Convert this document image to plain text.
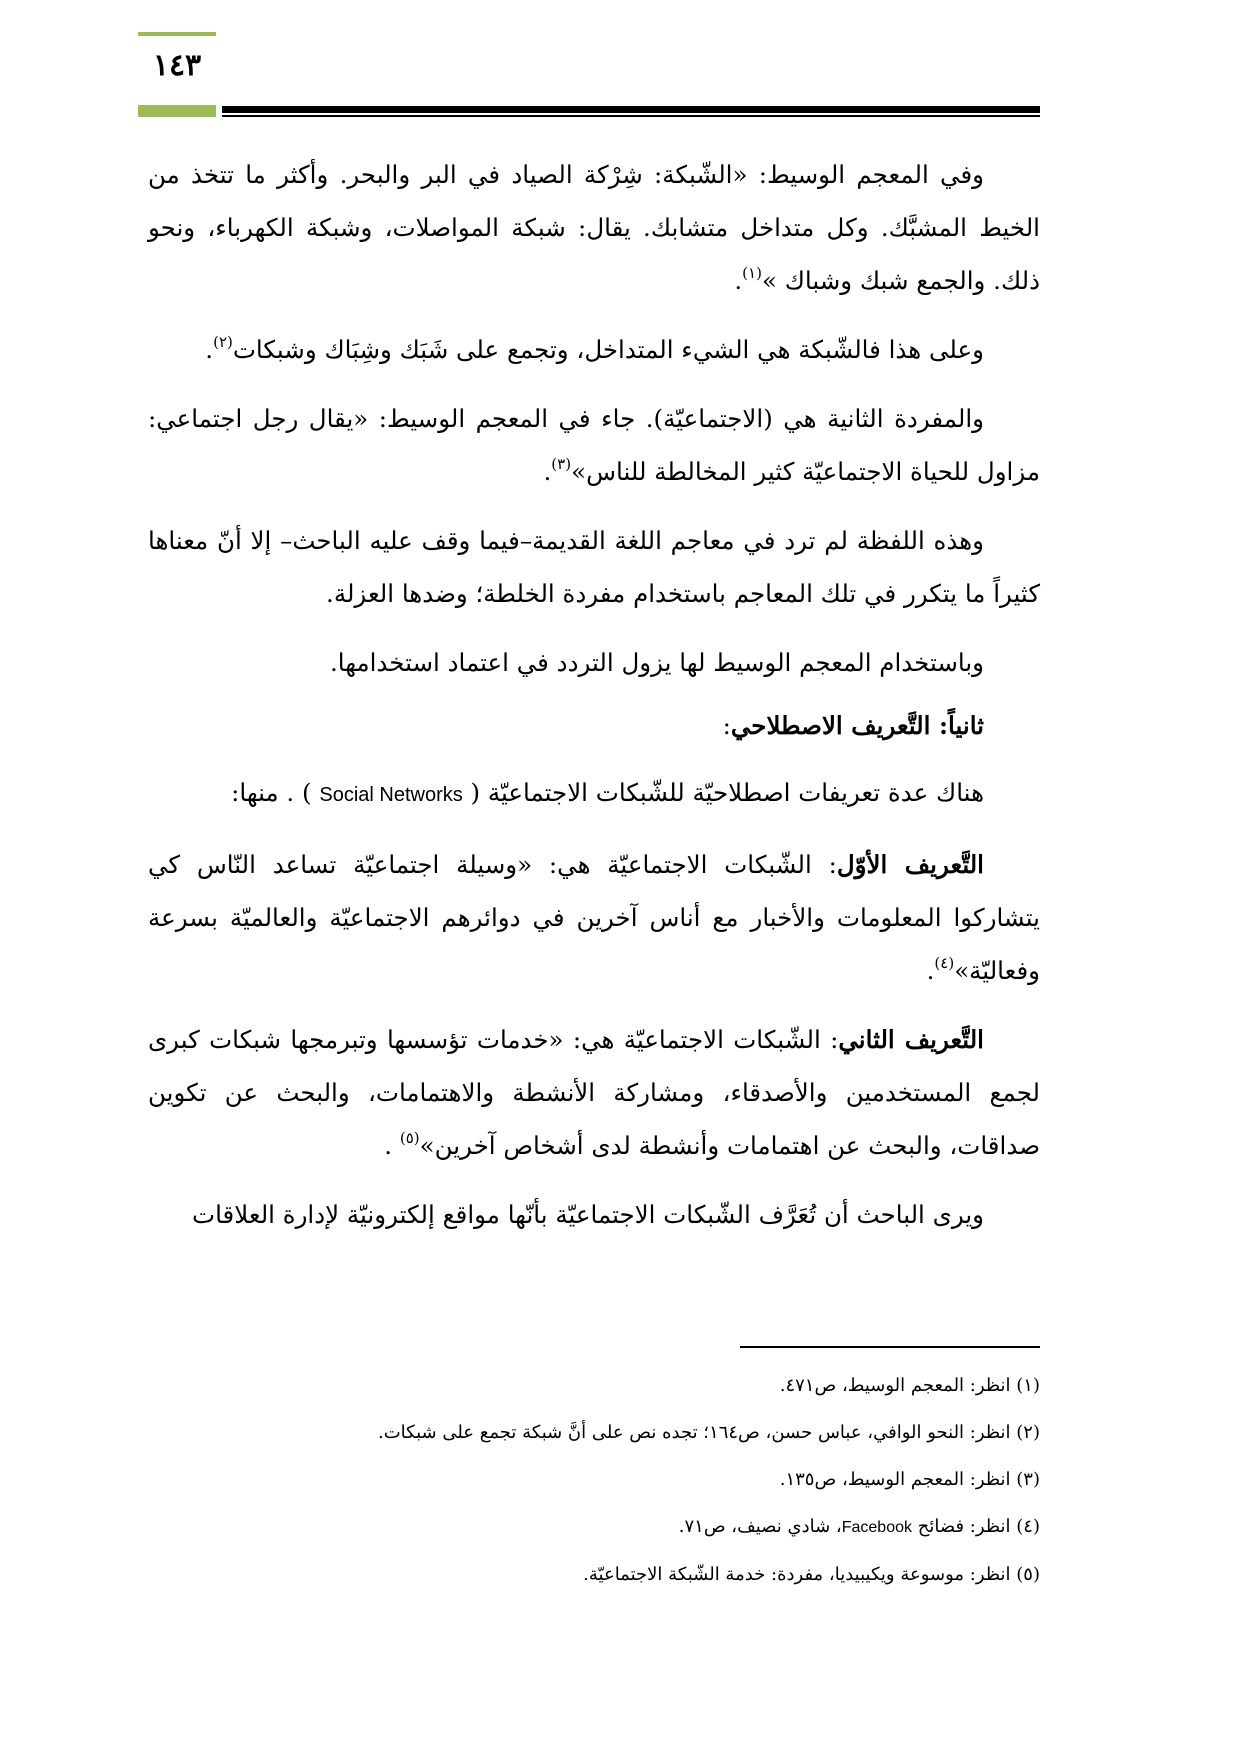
١٤٣

وفي المعجم الوسيط: «الشّبكة: شِرْكة الصياد في البر والبحر. وأكثر ما تتخذ من الخيط المشبَّك. وكل متداخل متشابك. يقال: شبكة المواصلات، وشبكة الكهرباء، ونحو ذلك. والجمع شبك وشباك »$^{(١)}$.

وعلى هذا فالشّبكة هي الشيء المتداخل، وتجمع على شَبَك وشِبَاك وشبكات$^{(٢)}$.

والمفردة الثانية هي (الاجتماعيّة). جاء في المعجم الوسيط: «يقال رجل اجتماعي: مزاول للحياة الاجتماعيّة كثير المخالطة للناس»$^{(٣)}$.

وهذه اللفظة لم ترد في معاجم اللغة القديمة–فيما وقف عليه الباحث– إلا أنّ معناها كثيراً ما يتكرر في تلك المعاجم باستخدام مفردة الخلطة؛ وضدها العزلة.

وباستخدام المعجم الوسيط لها يزول التردد في اعتماد استخدامها.

ثانياً: التَّعريف الاصطلاحي:

هناك عدة تعريفات اصطلاحيّة للشّبكات الاجتماعيّة ( Social Networks ) . منها:

التَّعريف الأوّل: الشّبكات الاجتماعيّة هي: «وسيلة اجتماعيّة تساعد النّاس كي يتشاركوا المعلومات والأخبار مع أناس آخرين في دوائرهم الاجتماعيّة والعالميّة بسرعة وفعاليّة»$^{(٤)}$.

التَّعريف الثاني: الشّبكات الاجتماعيّة هي: «خدمات تؤسسها وتبرمجها شبكات كبرى لجمع المستخدمين والأصدقاء، ومشاركة الأنشطة والاهتمامات، والبحث عن تكوين صداقات، والبحث عن اهتمامات وأنشطة لدى أشخاص آخرين»$^{(٥)}$ .

ويرى الباحث أن تُعَرَّف الشّبكات الاجتماعيّة بأنّها مواقع إلكترونيّة لإدارة العلاقات

(١) انظر: المعجم الوسيط، ص٤٧١.

(٢) انظر: النحو الوافي، عباس حسن، ص١٦٤؛ تجده نص على أنَّ شبكة تجمع على شبكات.

(٣) انظر: المعجم الوسيط، ص١٣٥.

(٤) انظر: فضائح Facebook، شادي نصيف، ص٧١.

(٥) انظر: موسوعة ويكيبيديا، مفردة: خدمة الشّبكة الاجتماعيّة.
